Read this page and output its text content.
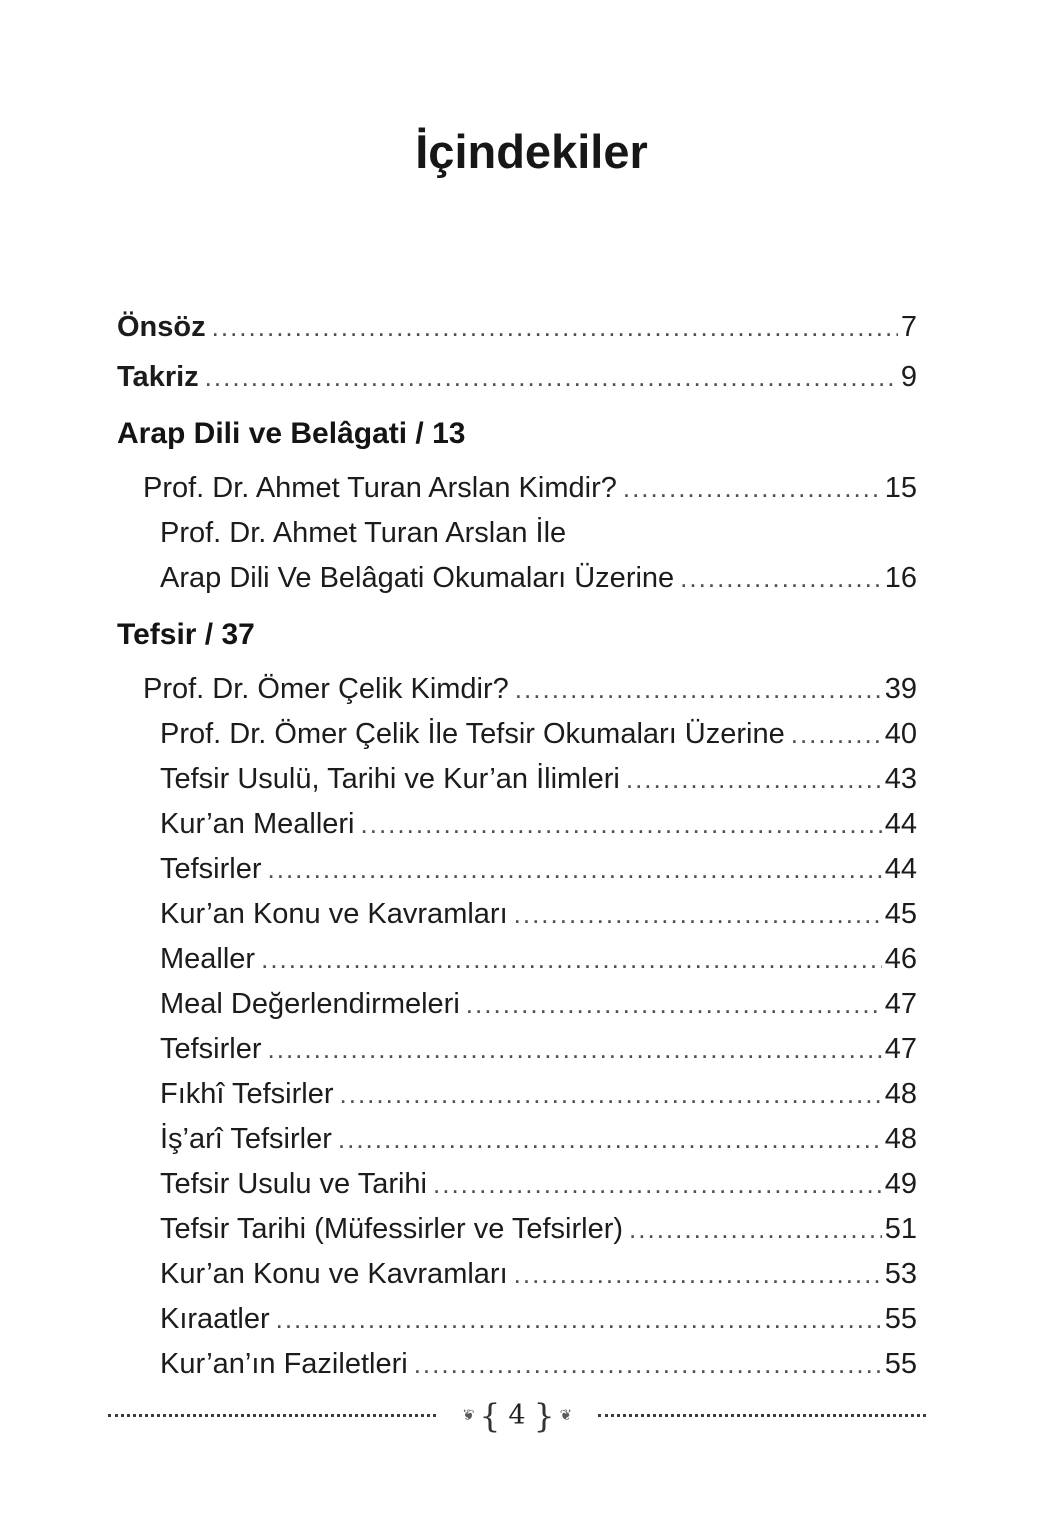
İçindekiler
Önsöz .....	7
Takriz .....	9
Arap Dili ve Belâgati / 13
Prof. Dr. Ahmet Turan Arslan Kimdir? .....	15
Prof. Dr. Ahmet Turan Arslan İle
Arap Dili Ve Belâgati Okumaları Üzerine .....	16
Tefsir / 37
Prof. Dr. Ömer Çelik Kimdir? .....	39
Prof. Dr. Ömer Çelik İle Tefsir Okumaları Üzerine .....	40
Tefsir Usulü, Tarihi ve Kur’an İlimleri .....	43
Kur’an Mealleri .....	44
Tefsirler .....	44
Kur’an Konu ve Kavramları .....	45
Mealler .....	46
Meal Değerlendirmeleri .....	47
Tefsirler .....	47
Fıkhî Tefsirler .....	48
İş’arî Tefsirler .....	48
Tefsir Usulu ve Tarihi .....	49
Tefsir Tarihi (Müfessirler ve Tefsirler) .....	51
Kur’an Konu ve Kavramları .....	53
Kıraatler .....	55
Kur’an’ın Faziletleri .....	55
❦ { 4 } ❦
